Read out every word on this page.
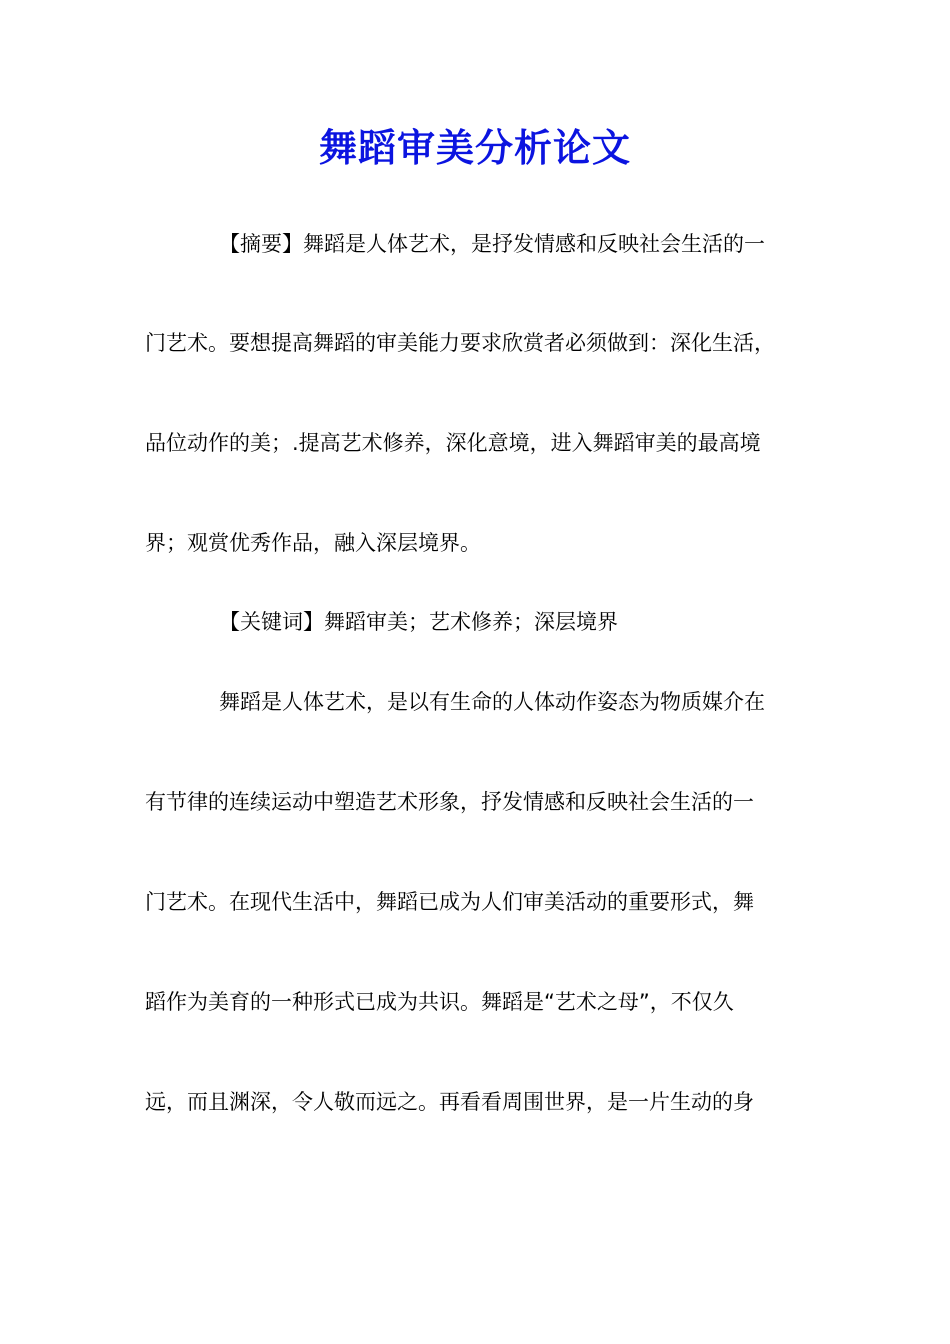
舞蹈审美分析论文
【摘要】舞蹈是人体艺术，是抒发情感和反映社会生活的一
门艺术。要想提高舞蹈的审美能力要求欣赏者必须做到：深化生活，
品位动作的美；.提高艺术修养，深化意境，进入舞蹈审美的最高境
界；观赏优秀作品，融入深层境界。
【关键词】舞蹈审美；艺术修养；深层境界
舞蹈是人体艺术，是以有生命的人体动作姿态为物质媒介在
有节律的连续运动中塑造艺术形象，抒发情感和反映社会生活的一
门艺术。在现代生活中，舞蹈已成为人们审美活动的重要形式，舞
蹈作为美育的一种形式已成为共识。舞蹈是“艺术之母”，不仅久
远，而且渊深，令人敬而远之。再看看周围世界，是一片生动的身
